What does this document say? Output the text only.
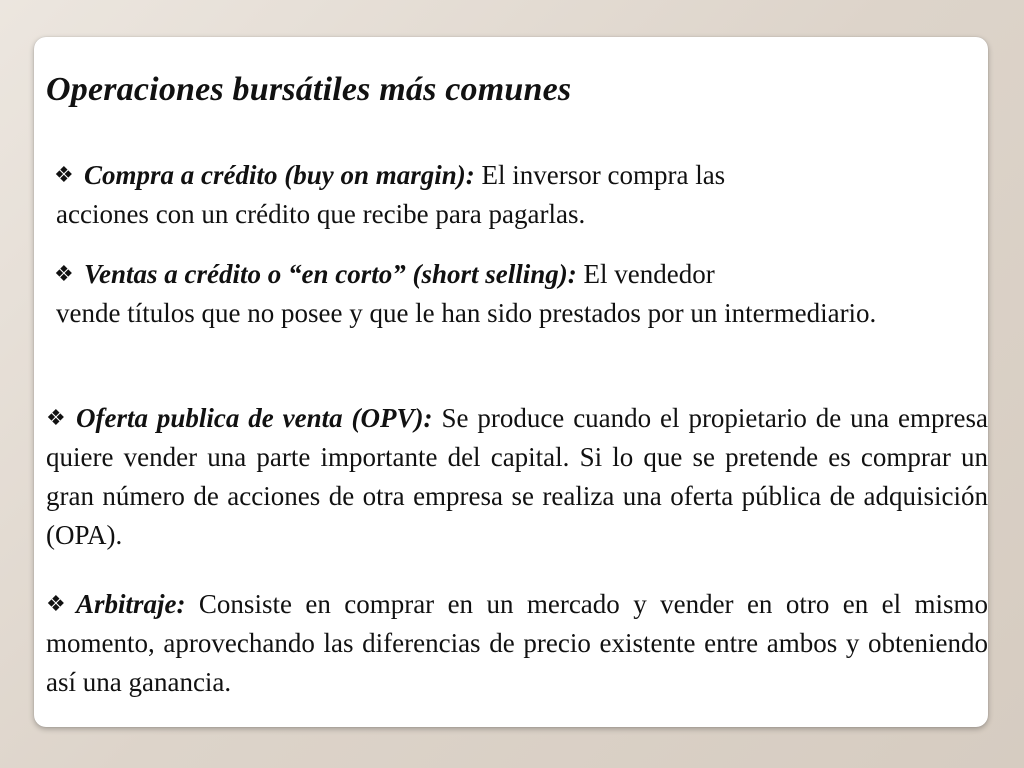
Operaciones bursátiles más comunes
❖ Compra a crédito (buy on margin): El inversor compra las
acciones con un crédito que recibe para pagarlas.
❖ Ventas a crédito o “en corto” (short selling): El vendedor
vende títulos que no posee y que le han sido prestados por un intermediario.
❖ Oferta publica de venta (OPV): Se produce cuando el propietario de una empresa quiere vender una parte importante del capital. Si lo que se pretende es comprar un gran número de acciones de otra empresa se realiza una oferta pública de adquisición (OPA).
❖ Arbitraje: Consiste en comprar en un mercado y vender en otro en el mismo momento, aprovechando las diferencias de precio existente entre ambos y obteniendo así una ganancia.
